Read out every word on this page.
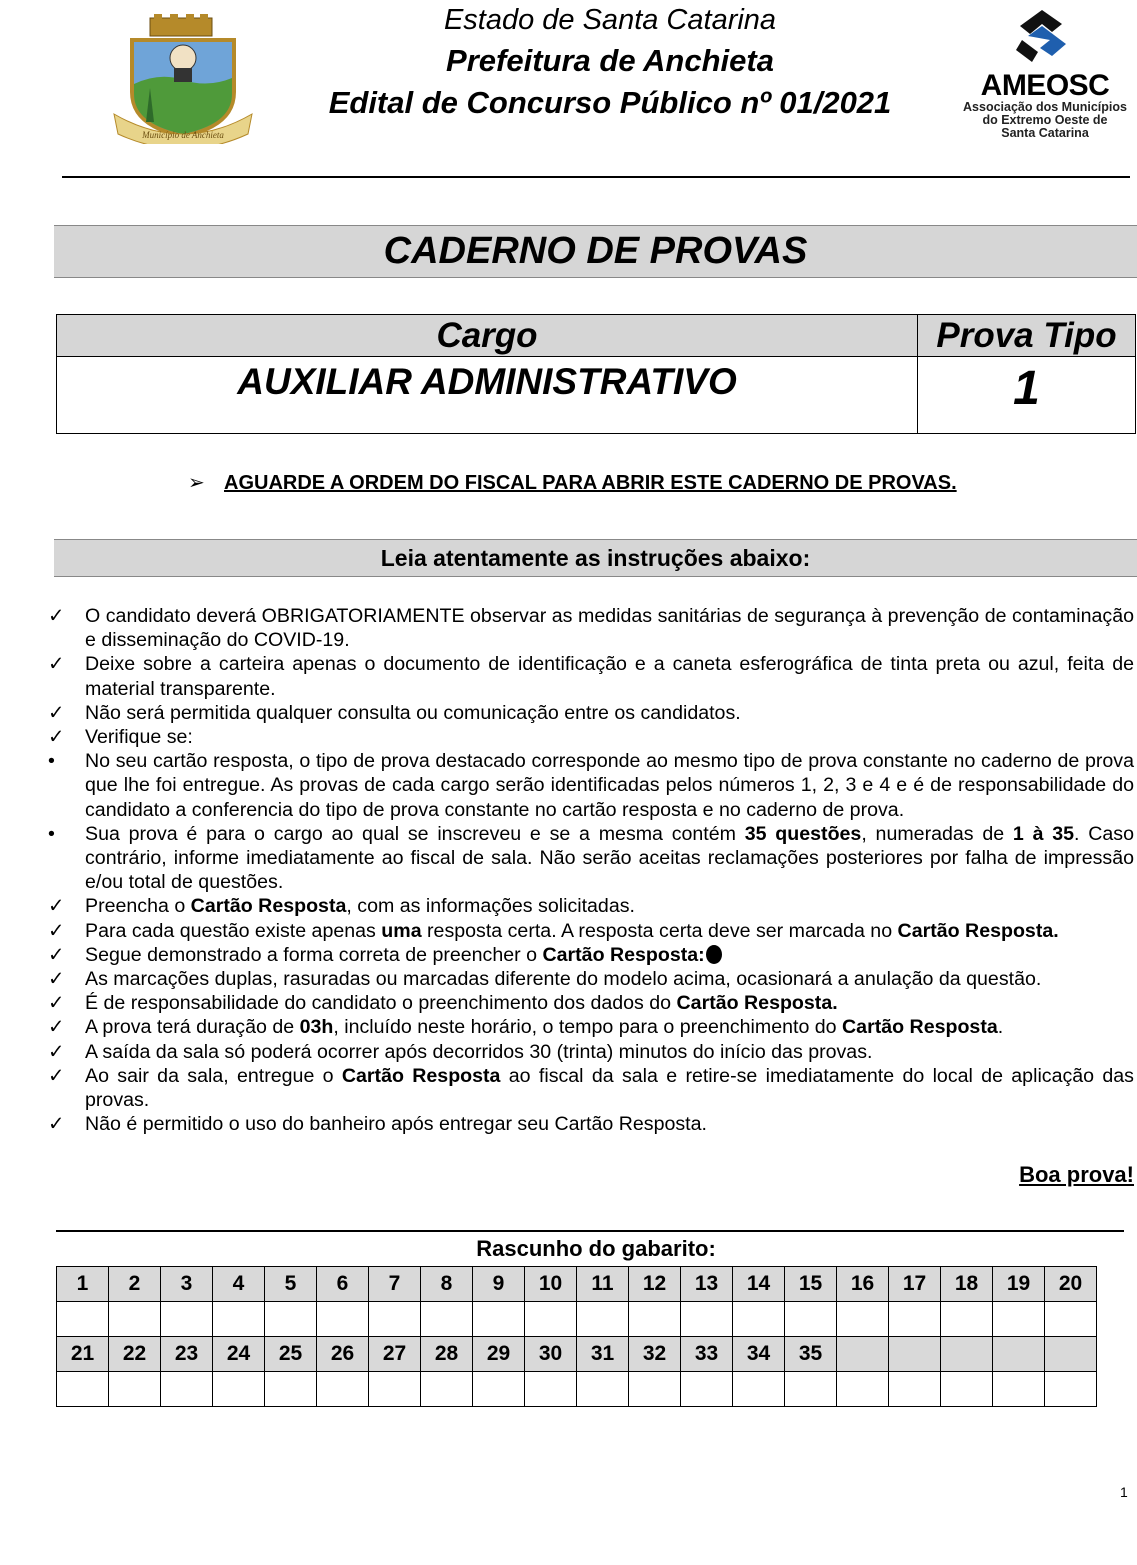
Município de Anchieta
Estado de Santa Catarina
Prefeitura de Anchieta
Edital de Concurso Público nº 01/2021	AMEOSC
Associação dos Municípios
do Extremo Oeste de
Santa Catarina
CADERNO DE PROVAS
Cargo	Prova Tipo
AUXILIAR ADMINISTRATIVO	1
➢ AGUARDE A ORDEM DO FISCAL PARA ABRIR ESTE CADERNO DE PROVAS.
Leia atentamente as instruções abaixo:
✓	O candidato deverá OBRIGATORIAMENTE observar as medidas sanitárias de segurança à prevenção de contaminação e disseminação do COVID-19.
✓	Deixe sobre a carteira apenas o documento de identificação e a caneta esferográfica de tinta preta ou azul, feita de material transparente.
✓	Não será permitida qualquer consulta ou comunicação entre os candidatos.
✓	Verifique se:
•	No seu cartão resposta, o tipo de prova destacado corresponde ao mesmo tipo de prova constante no caderno de prova que lhe foi entregue. As provas de cada cargo serão identificadas pelos números 1, 2, 3 e 4 e é de responsabilidade do candidato a conferencia do tipo de prova constante no cartão resposta e no caderno de prova.
•	Sua prova é para o cargo ao qual se inscreveu e se a mesma contém 35 questões, numeradas de 1 à 35. Caso contrário, informe imediatamente ao fiscal de sala. Não serão aceitas reclamações posteriores por falha de impressão e/ou total de questões.
✓	Preencha o Cartão Resposta, com as informações solicitadas.
✓	Para cada questão existe apenas uma resposta certa. A resposta certa deve ser marcada no Cartão Resposta.
✓	Segue demonstrado a forma correta de preencher o Cartão Resposta:
✓	As marcações duplas, rasuradas ou marcadas diferente do modelo acima, ocasionará a anulação da questão.
✓	É de responsabilidade do candidato o preenchimento dos dados do Cartão Resposta.
✓	A prova terá duração de 03h, incluído neste horário, o tempo para o preenchimento do Cartão Resposta.
✓	A saída da sala só poderá ocorrer após decorridos 30 (trinta) minutos do início das provas.
✓	Ao sair da sala, entregue o Cartão Resposta ao fiscal da sala e retire-se imediatamente do local de aplicação das provas.
✓	Não é permitido o uso do banheiro após entregar seu Cartão Resposta.
Boa prova!
Rascunho do gabarito:
1	2	3	4	5	6	7	8	9	10	11	12	13	14	15	16	17	18	19	20

21	22	23	24	25	26	27	28	29	30	31	32	33	34	35					

1
